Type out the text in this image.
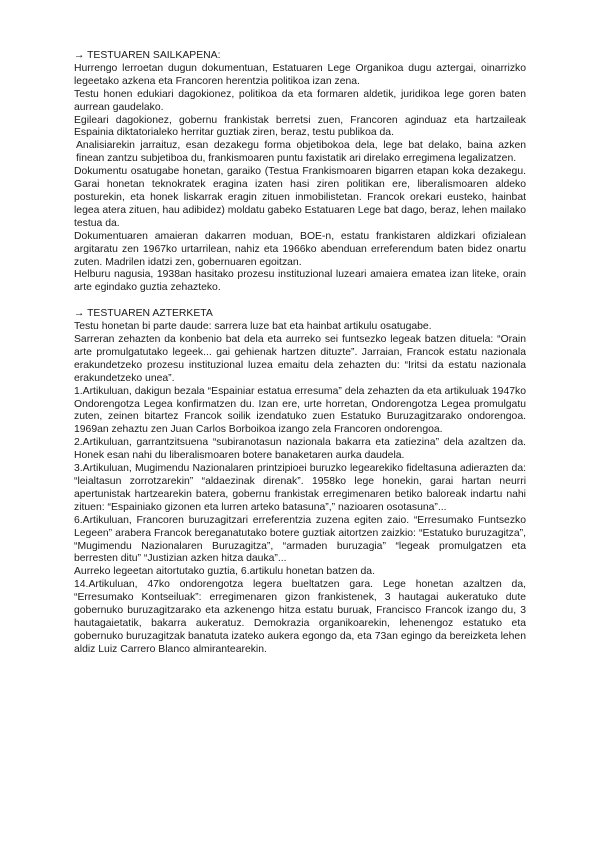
→ TESTUAREN SAILKAPENA:

Hurrengo lerroetan dugun dokumentuan, Estatuaren Lege Organikoa dugu aztergai, oinarrizko legeetako azkena eta Francoren herentzia politikoa izan zena.

Testu honen edukiari dagokionez, politikoa da eta formaren aldetik, juridikoa lege goren baten aurrean gaudelako.

Egileari dagokionez, gobernu frankistak berretsi zuen, Francoren aginduaz eta hartzaileak Espainia diktatorialeko herritar guztiak ziren, beraz, testu publikoa da.

Analisiarekin jarraituz, esan dezakegu forma objetibokoa dela, lege bat delako, baina azken finean zantzu subjetiboa du, frankismoaren puntu faxistatik ari direlako erregimena legalizatzen.

Dokumentu osatugabe honetan, garaiko (Testua Frankismoaren bigarren etapan koka dezakegu. Garai honetan teknokratek eragina izaten hasi ziren politikan ere, liberalismoaren aldeko posturekin, eta honek liskarrak eragin zituen inmobilistetan. Francok orekari eusteko, hainbat legea atera zituen, hau adibidez) moldatu gabeko Estatuaren Lege bat dago, beraz, lehen mailako testua da.

Dokumentuaren amaieran dakarren moduan, BOE-n, estatu frankistaren aldizkari ofizialean argitaratu zen 1967ko urtarrilean, nahiz eta 1966ko abenduan erreferendum baten bidez onartu zuten. Madrilen idatzi zen, gobernuaren egoitzan.

Helburu nagusia, 1938an hasitako prozesu instituzional luzeari amaiera ematea izan liteke, orain arte egindako guztia zehazteko.

→ TESTUAREN AZTERKETA

Testu honetan bi parte daude: sarrera luze bat eta hainbat artikulu osatugabe.

Sarreran zehazten da konbenio bat dela eta aurreko sei funtsezko legeak batzen dituela: “Orain arte promulgatutako legeek... gai gehienak hartzen dituzte”. Jarraian, Francok estatu nazionala erakundetzeko prozesu instituzional luzea emaitu dela zehazten du: “Iritsi da estatu nazionala erakundetzeko unea”.

1.Artikuluan, dakigun bezala “Espainiar estatua erresuma” dela zehazten da eta artikuluak 1947ko Ondorengotza Legea konfirmatzen du. Izan ere, urte horretan, Ondorengotza Legea promulgatu zuten, zeinen bitartez Francok soilik izendatuko zuen Estatuko Buruzagitzarako ondorengoa. 1969an zehaztu zen Juan Carlos Borboikoa izango zela Francoren ondorengoa.

2.Artikuluan, garrantzitsuena “subiranotasun nazionala bakarra eta zatiezina” dela azaltzen da. Honek esan nahi du liberalismoaren botere banaketaren aurka daudela.

3.Artikuluan, Mugimendu Nazionalaren printzipioei buruzko legearekiko fideltasuna adierazten da: “leialtasun zorrotzarekin” “aldaezinak direnak”. 1958ko lege honekin, garai hartan neurri apertunistak hartzearekin batera, gobernu frankistak erregimenaren betiko baloreak indartu nahi zituen: “Espainiako gizonen eta lurren arteko batasuna”,” nazioaren osotasuna”...

6.Artikuluan, Francoren buruzagitzari erreferentzia zuzena egiten zaio. “Erresumako Funtsezko Legeen” arabera Francok bereganatutako botere guztiak aitortzen zaizkio: “Estatuko buruzagitza”, “Mugimendu Nazionalaren Buruzagitza”, “armaden buruzagia” “legeak promulgatzen eta berresten ditu” “Justizian azken hitza dauka”...

Aurreko legeetan aitortutako guztia, 6.artikulu honetan batzen da.

14.Artikuluan, 47ko ondorengotza legera bueltatzen gara. Lege honetan azaltzen da, “Erresumako Kontseiluak”: erregimenaren gizon frankistenek, 3 hautagai aukeratuko dute gobernuko buruzagitzarako eta azkenengo hitza estatu buruak, Francisco Francok izango du, 3 hautagaietatik, bakarra aukeratuz. Demokrazia organikoarekin, lehenengoz estatuko eta gobernuko buruzagitzak banatuta izateko aukera egongo da, eta 73an egingo da bereizketa lehen aldiz Luiz Carrero Blanco almirantearekin.
